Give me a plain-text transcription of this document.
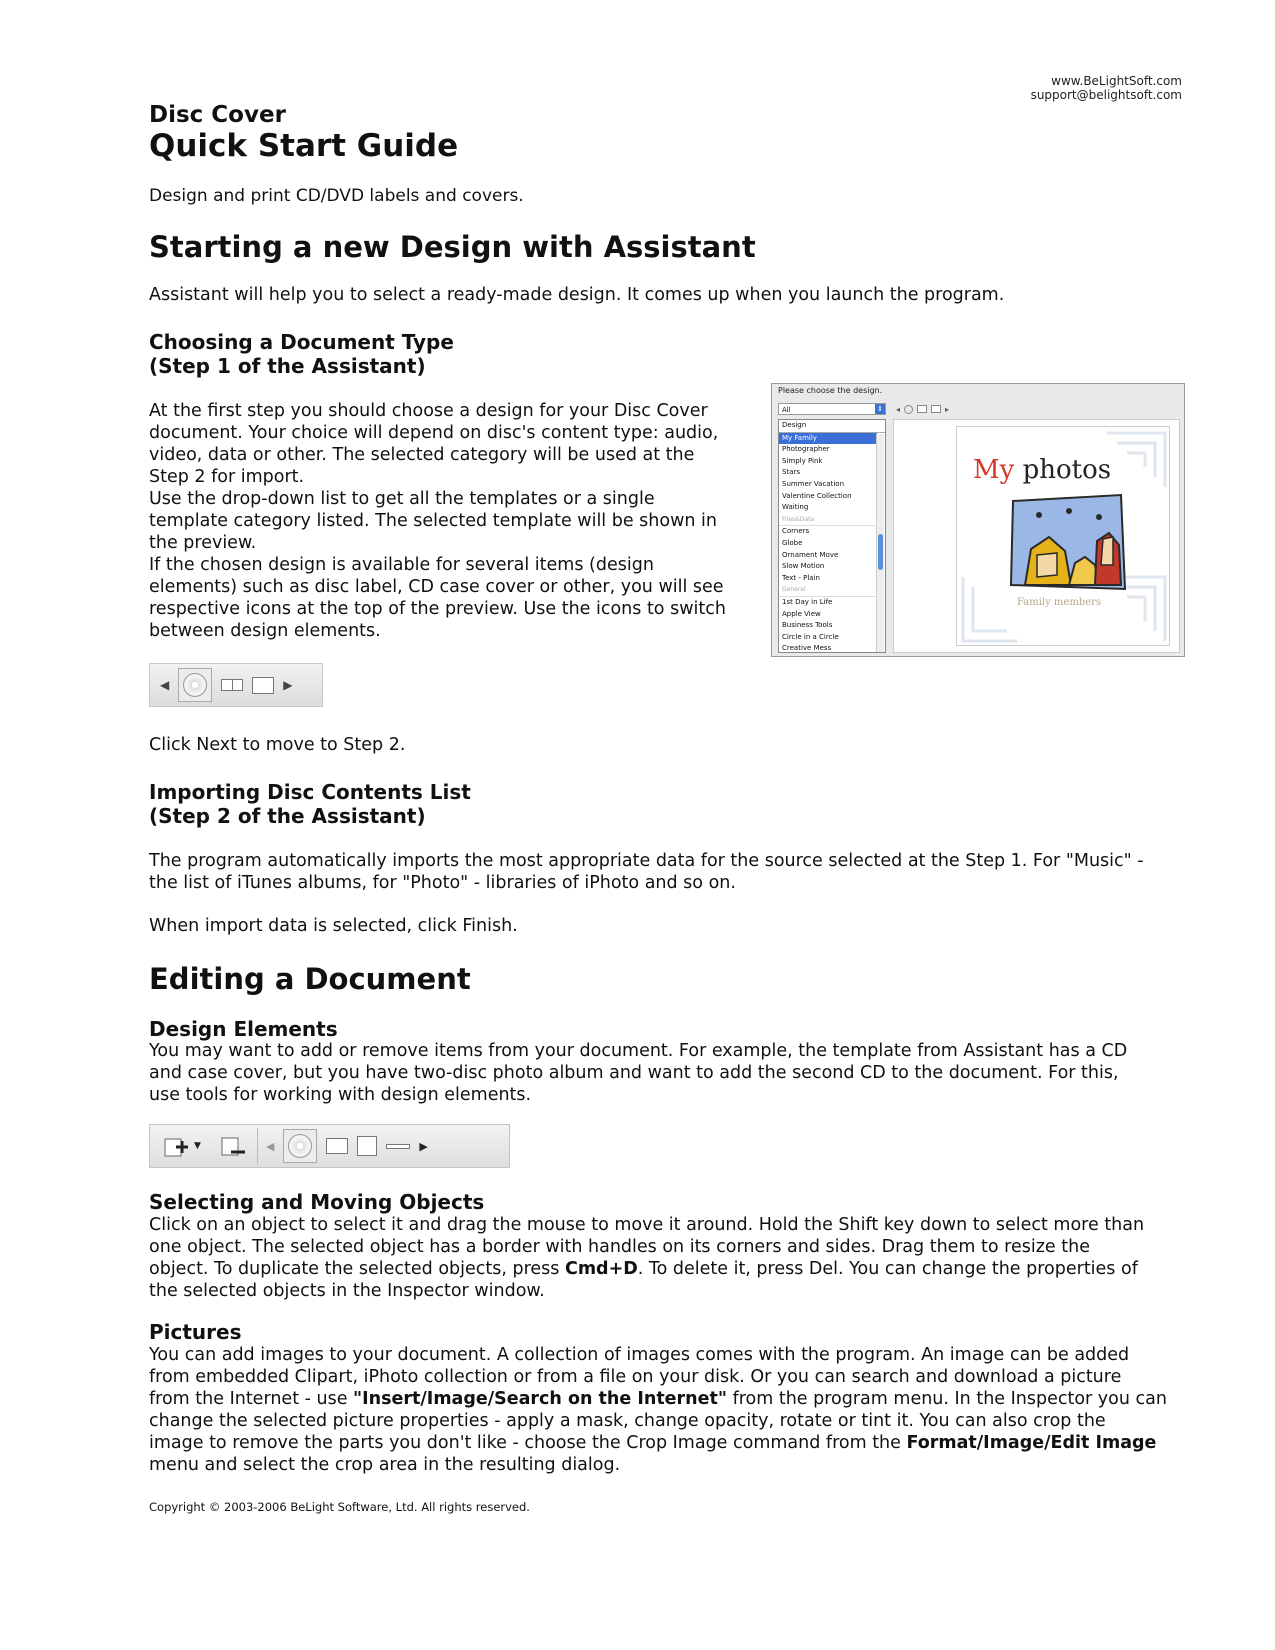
www.BeLightSoft.com
support@belightsoft.com
Disc Cover
Quick Start Guide
Design and print CD/DVD labels and covers.
Starting a new Design with Assistant

Assistant will help you to select a ready-made design. It comes up when you launch the program.

Choosing a Document Type
(Step 1 of the Assistant)

At the first step you should choose a design for your Disc Cover
document. Your choice will depend on disc's content type: audio,
video, data or other. The selected category will be used at the
Step 2 for import.
Use the drop-down list to get all the templates or a single
template category listed. The selected template will be shown in
the preview.
If the chosen design is available for several items (design
elements) such as disc label, CD case cover or other, you will see
respective icons at the top of the preview. Use the icons to switch
between design elements.

Click Next to move to Step 2.

Importing Disc Contents List
(Step 2 of the Assistant)

The program automatically imports the most appropriate data for the source selected at the Step 1. For "Music" -
the list of iTunes albums, for "Photo" - libraries of iPhoto and so on.

When import data is selected, click Finish.

Editing a Document
Design Elements

You may want to add or remove items from your document. For example, the template from Assistant has a CD
and case cover, but you have two-disc photo album and want to add the second CD to the document. For this,
use tools for working with design elements.

Selecting and Moving Objects

Click on an object to select it and drag the mouse to move it around. Hold the Shift key down to select more than
one object. The selected object has a border with handles on its corners and sides. Drag them to resize the
object. To duplicate the selected objects, press Cmd+D. To delete it, press Del. You can change the properties of
the selected objects in the Inspector window.

Pictures

You can add images to your document. A collection of images comes with the program. An image can be added
from embedded Clipart, iPhoto collection or from a file on your disk. Or you can search and download a picture
from the Internet - use "Insert/Image/Search on the Internet" from the program menu. In the Inspector you can
change the selected picture properties - apply a mask, change opacity, rotate or tint it. You can also crop the
image to remove the parts you don't like - choose the Crop Image command from the Format/Image/Edit Image
menu and select the crop area in the resulting dialog.

Copyright © 2003-2006 BeLight Software, Ltd. All rights reserved.

Please choose the design.
All	⇕
Design
My Family
Photographer
Simply Pink
Stars
Summer Vacation
Valentine Collection
Waiting
Files&Data
Corners
Globe
Ornament Move
Slow Motion
Text - Plain
General
1st Day in Life
Apple View
Business Tools
Circle in a Circle
Creative Mess
◂	▸
My photos
Family members
◀	▶
▼	◀	▶
